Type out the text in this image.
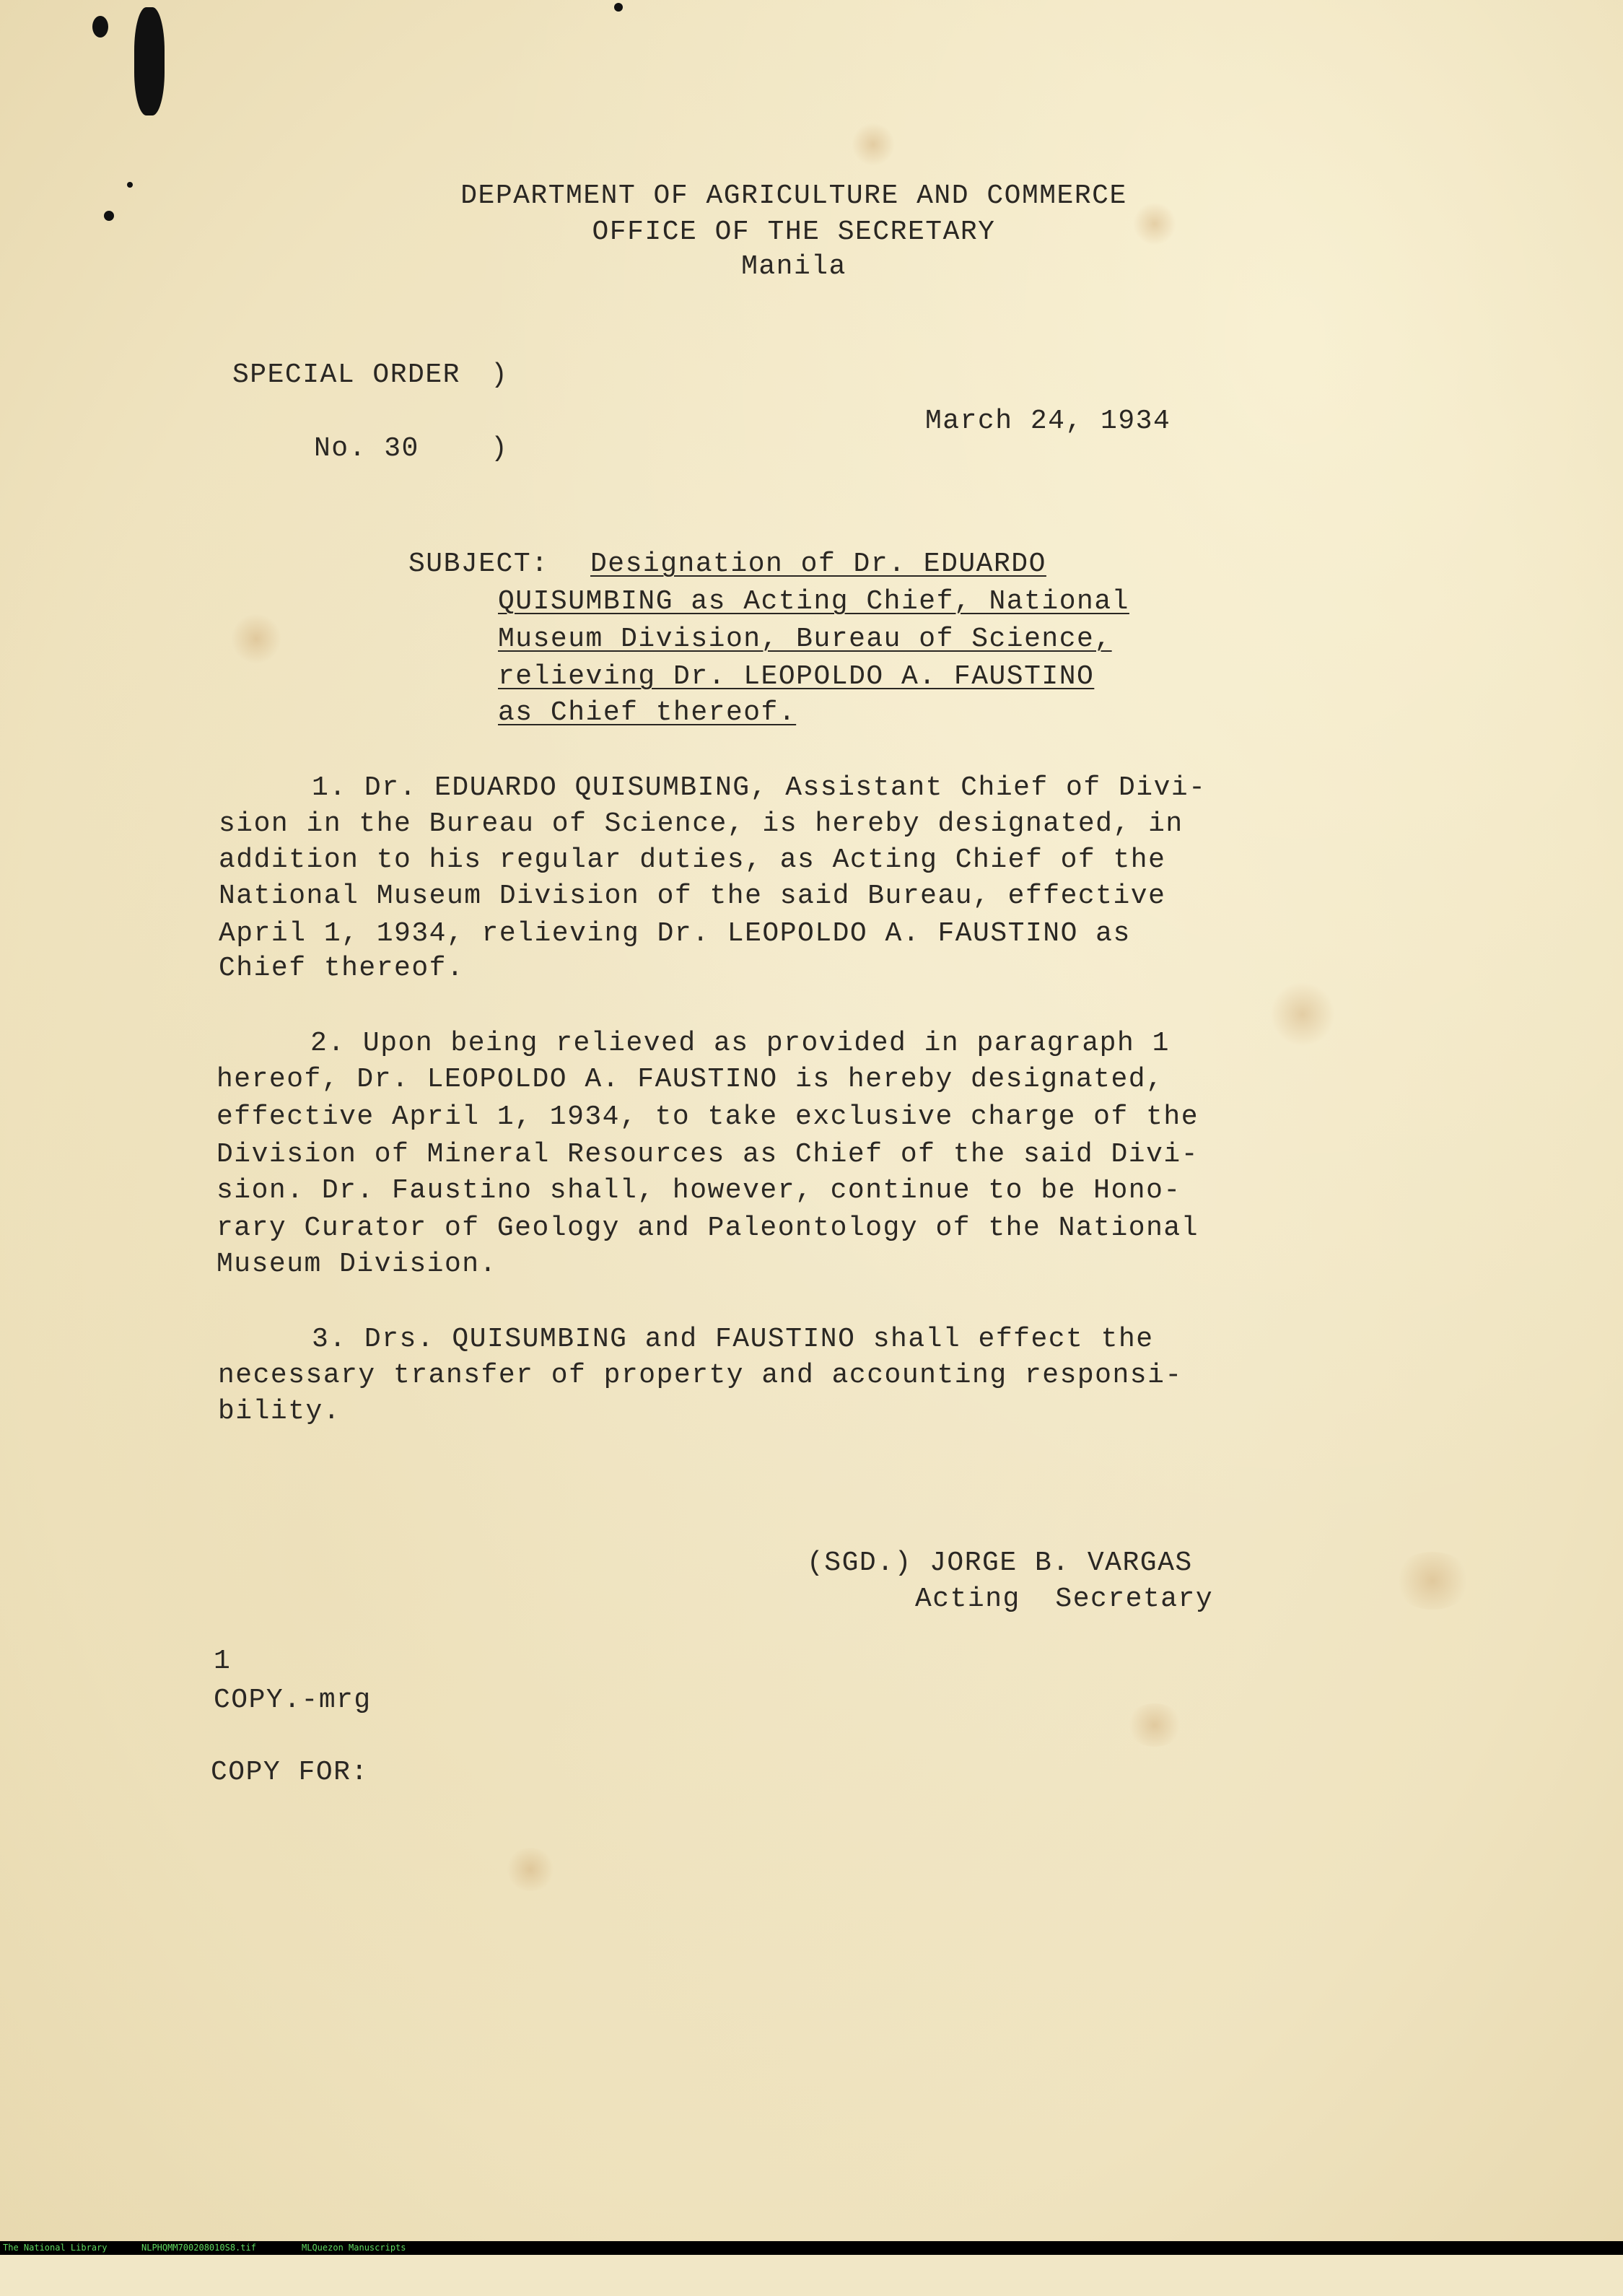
DEPARTMENT OF AGRICULTURE AND COMMERCE
OFFICE OF THE SECRETARY
Manila
SPECIAL ORDER )
No. 30	)
March 24, 1934
SUBJECT: Designation of Dr. EDUARDO
QUISUMBING as Acting Chief, National
Museum Division, Bureau of Science,
relieving Dr. LEOPOLDO A. FAUSTINO
as Chief thereof.
1. Dr. EDUARDO QUISUMBING, Assistant Chief of Divi-
sion in the Bureau of Science, is hereby designated, in
addition to his regular duties, as Acting Chief of the
National Museum Division of the said Bureau, effective
April 1, 1934, relieving Dr. LEOPOLDO A. FAUSTINO as
Chief thereof.
2. Upon being relieved as provided in paragraph 1
hereof, Dr. LEOPOLDO A. FAUSTINO is hereby designated,
effective April 1, 1934, to take exclusive charge of the
Division of Mineral Resources as Chief of the said Divi-
sion. Dr. Faustino shall, however, continue to be Hono-
rary Curator of Geology and Paleontology of the National
Museum Division.
3. Drs. QUISUMBING and FAUSTINO shall effect the
necessary transfer of property and accounting responsi-
bility.
(SGD.) JORGE B. VARGAS
Acting  Secretary
1
COPY.-mrg
COPY FOR:

The National Library

	NLPHQMM700208010S8.tif

	MLQuezon Manuscripts
